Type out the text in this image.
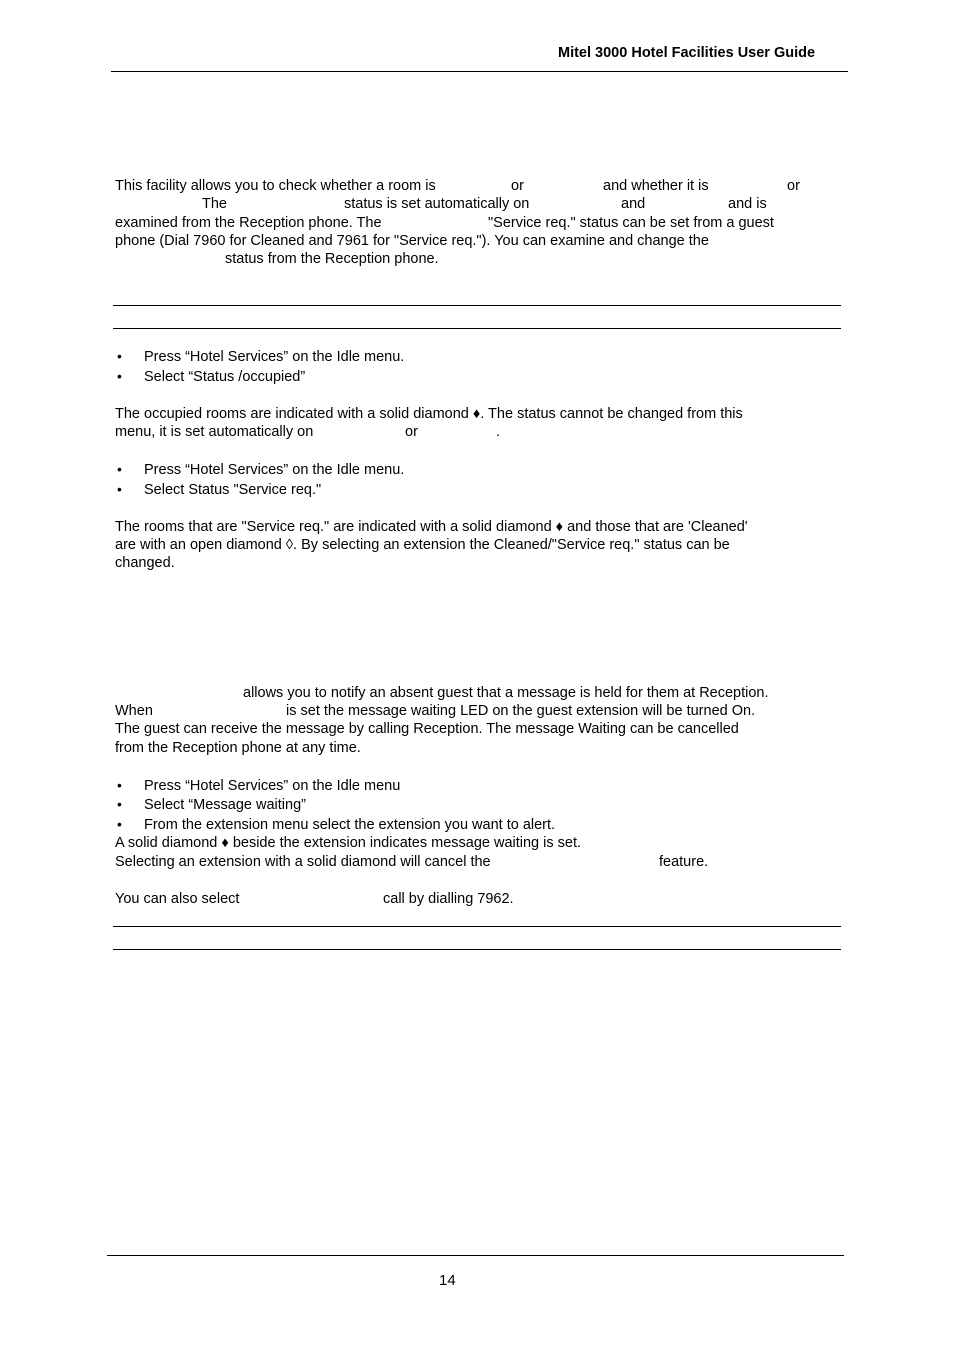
Mitel 3000 Hotel Facilities User Guide
This facility allows you to check whether a room is	or	and whether it is	or
The	status is set automatically on	and	and is
examined from the Reception phone. The	"Service req." status can be set from a guest
phone (Dial 7960 for Cleaned and 7961 for "Service req."). You can examine and change the
status from the Reception phone.
• Press “Hotel Services” on the Idle menu.
• Select “Status /occupied”
The occupied rooms are indicated with a solid diamond ♦. The status cannot be changed from this
menu, it is set automatically on	or	.
• Press “Hotel Services” on the Idle menu.
• Select Status "Service req."
The rooms that are "Service req." are indicated with a solid diamond ♦ and those that are 'Cleaned'
are with an open diamond ◊. By selecting an extension the Cleaned/"Service req." status can be
changed.
allows you to notify an absent guest that a message is held for them at Reception.
When	is set the message waiting LED on the guest extension will be turned On.
The guest can receive the message by calling Reception. The message Waiting can be cancelled
from the Reception phone at any time.
• Press “Hotel Services” on the Idle menu
• Select “Message waiting”
• From the extension menu select the extension you want to alert.
A solid diamond ♦ beside the extension indicates message waiting is set.
Selecting an extension with a solid diamond will cancel the	feature.
You can also select	call by dialling 7962.
14
